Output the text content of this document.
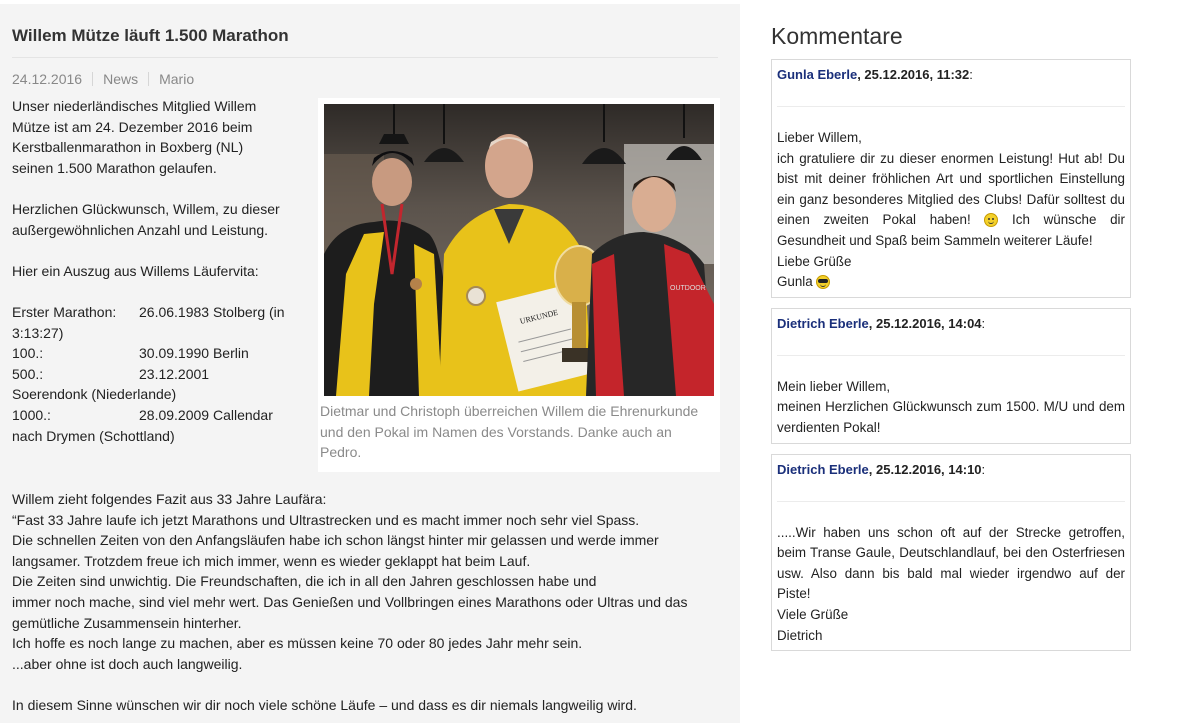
Willem Mütze läuft 1.500 Marathon
24.12.2016 News Mario

Unser niederländisches Mitglied Willem

Mütze ist am 24. Dezember 2016 beim

Kerstballenmarathon in Boxberg (NL)

seinen 1.500 Marathon gelaufen.

Herzlichen Glückwunsch, Willem, zu dieser

außergewöhnlichen Anzahl und Leistung.

Hier ein Auszug aus Willems Läufervita:

Erster Marathon: 26.06.1983 Stolberg (in
3:13:27)
100.:	30.09.1990 Berlin
500.:	23.12.2001
Soerendonk (Niederlande)
1000.:	28.09.2009 Callendar
nach Drymen (Schottland)
URKUNDE
OUTDOOR
Dietmar und Christoph überreichen Willem die Ehrenurkunde und den Pokal im Namen des Vorstands. Danke auch an Pedro.

Willem zieht folgendes Fazit aus 33 Jahre Laufära:

“Fast 33 Jahre laufe ich jetzt Marathons und Ultrastrecken und es macht immer noch sehr viel Spass.

Die schnellen Zeiten von den Anfangsläufen habe ich schon längst hinter mir gelassen und werde immer

langsamer. Trotzdem freue ich mich immer, wenn es wieder geklappt hat beim Lauf.

Die Zeiten sind unwichtig. Die Freundschaften, die ich in all den Jahren geschlossen habe und

immer noch mache, sind viel mehr wert. Das Genießen und Vollbringen eines Marathons oder Ultras und das

gemütliche Zusammensein hinterher.

Ich hoffe es noch lange zu machen, aber es müssen keine 70 oder 80 jedes Jahr mehr sein.

...aber ohne ist doch auch langweilig.

In diesem Sinne wünschen wir dir noch viele schöne Läufe – und dass es dir niemals langweilig wird.

Kommentare
Gunla Eberle, 25.12.2016, 11:32:

Lieber Willem,

ich gratuliere dir zu dieser enormen Leistung! Hut ab! Du bist mit deiner fröhlichen Art und sportlichen Einstellung ein ganz besonderes Mitglied des Clubs! Dafür solltest du einen zweiten Pokal haben!  Ich wünsche dir Gesundheit und Spaß beim Sammeln weiterer Läufe!

Liebe Grüße

Gunla

Dietrich Eberle, 25.12.2016, 14:04:

Mein lieber Willem,

meinen Herzlichen Glückwunsch zum 1500. M/U und dem verdienten Pokal!

Dietrich Eberle, 25.12.2016, 14:10:

.....Wir haben uns schon oft auf der Strecke getroffen, beim Transe Gaule, Deutschlandlauf, bei den Osterfriesen usw. Also dann bis bald mal wieder irgendwo auf der Piste!

Viele Grüße

Dietrich
